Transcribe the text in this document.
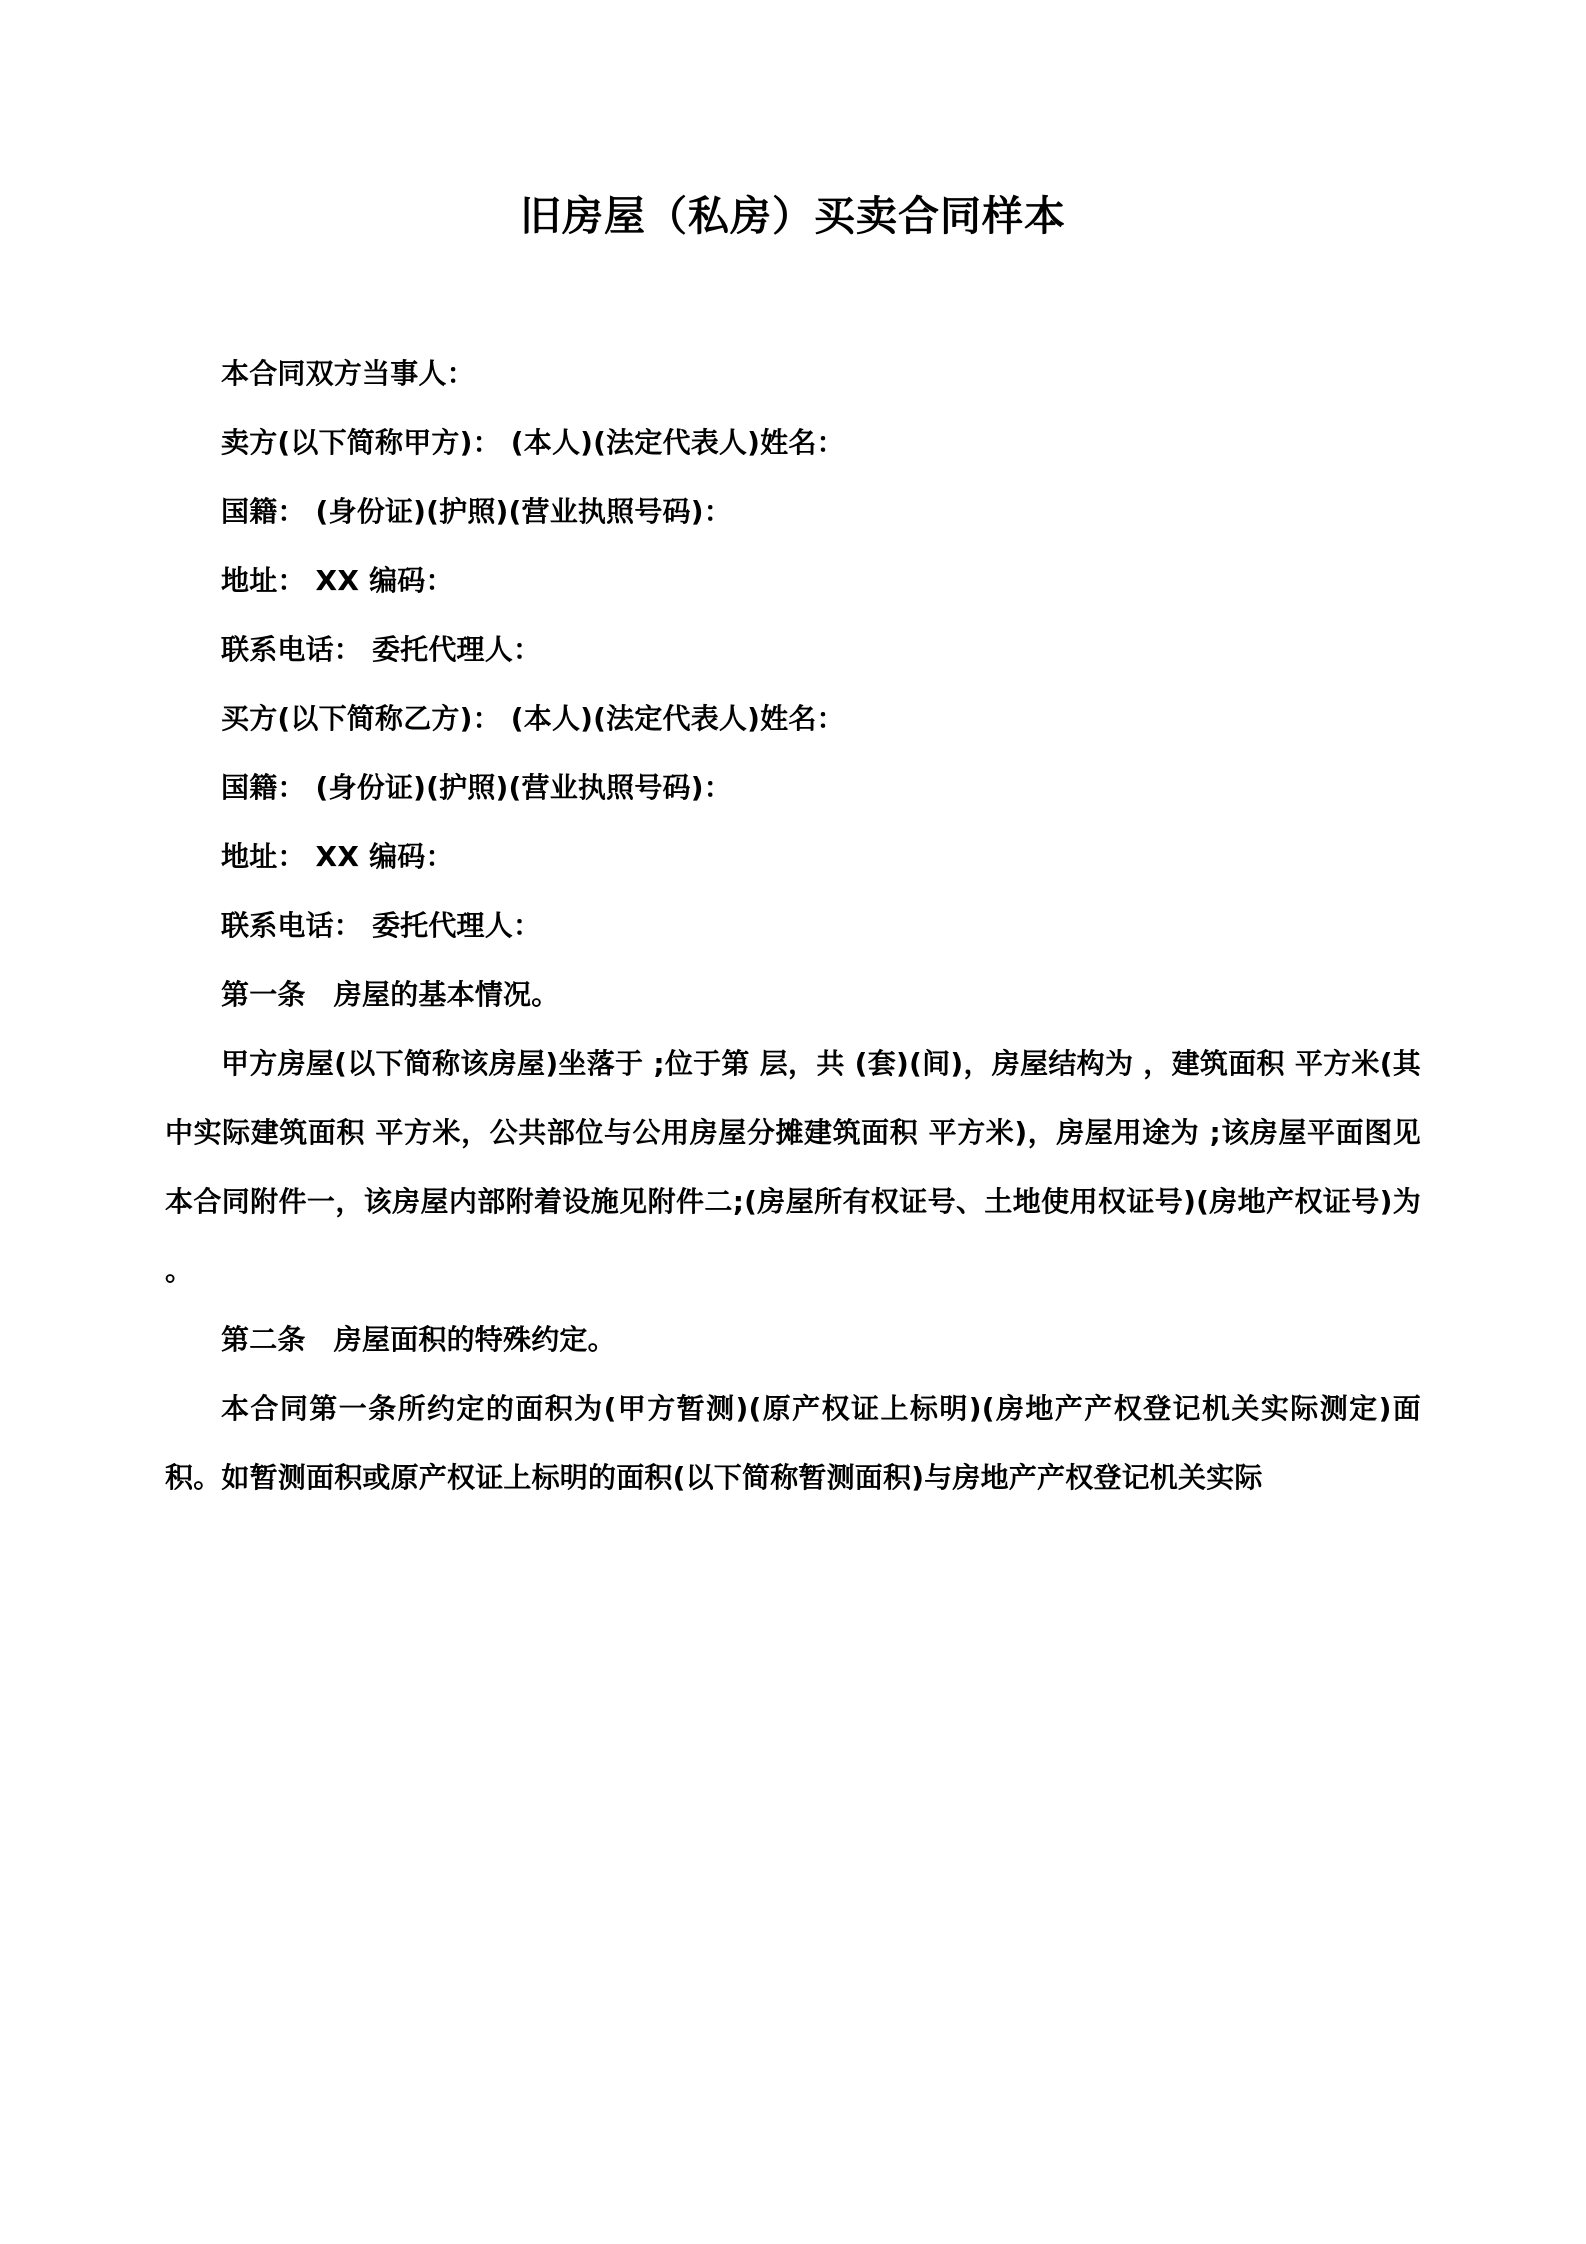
旧房屋（私房）买卖合同样本

本合同双方当事人：

卖方(以下简称甲方)： (本人)(法定代表人)姓名：

国籍： (身份证)(护照)(营业执照号码)：

地址： XX 编码：

联系电话： 委托代理人：

买方(以下简称乙方)： (本人)(法定代表人)姓名：

国籍： (身份证)(护照)(营业执照号码)：

地址： XX 编码：

联系电话： 委托代理人：

第一条　房屋的基本情况。

甲方房屋(以下简称该房屋)坐落于 ;位于第 层，共 (套)(间)，房屋结构为 ，建筑面积 平方米(其中实际建筑面积 平方米，公共部位与公用房屋分摊建筑面积 平方米)，房屋用途为 ;该房屋平面图见本合同附件一，该房屋内部附着设施见附件二;(房屋所有权证号、土地使用权证号)(房地产权证号)为 。

第二条　房屋面积的特殊约定。

本合同第一条所约定的面积为(甲方暂测)(原产权证上标明)(房地产产权登记机关实际测定)面积。如暂测面积或原产权证上标明的面积(以下简称暂测面积)与房地产产权登记机关实际
